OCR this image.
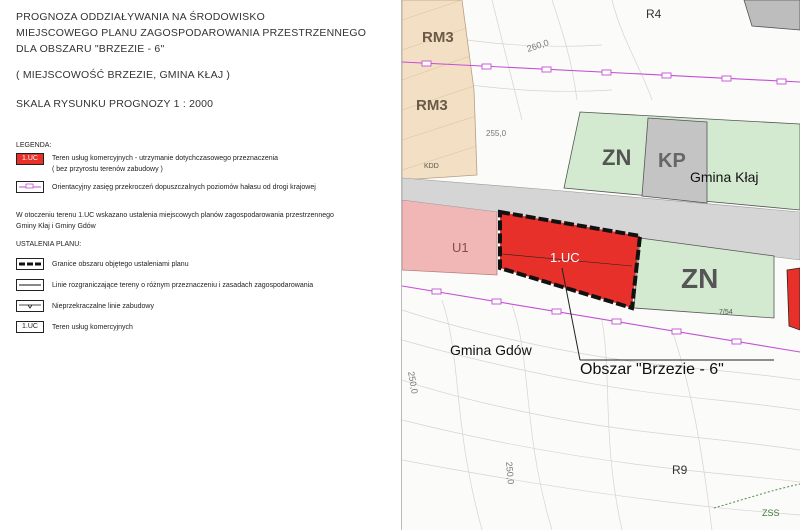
PROGNOZA ODDZIAŁYWANIA NA ŚRODOWISKO
MIEJSCOWEGO PLANU ZAGOSPODAROWANIA PRZESTRZENNEGO
DLA OBSZARU "BRZEZIE - 6"
( MIEJSCOWOŚĆ BRZEZIE, GMINA KŁAJ )
SKALA RYSUNKU PROGNOZY 1 : 2000
LEGENDA:
1.UC	Teren usług komercyjnych - utrzymanie dotychczasowego przeznaczenia
( bez przyrostu terenów zabudowy )
Orientacyjny zasięg przekroczeń dopuszczalnych poziomów hałasu od drogi krajowej
W otoczeniu terenu 1.UC wskazano ustalenia miejscowych planów zagospodarowania przestrzennego
Gminy Kłaj i Gminy Gdów
USTALENIA PLANU:
Granice obszaru objętego ustaleniami planu
Linie rozgraniczające tereny o różnym przeznaczeniu i zasadach zagospodarowania
Nieprzekraczalne linie zabudowy
1.UC	Teren usług komercyjnych
RM3
RM3
R4
ZN KP
Gmina Kłaj
ZN
1.UC
U1
KDD
Gmina Gdów
Obszar "Brzezie - 6"
R9
ZSS
260,0
255,0
250,0
250,0
7/54
